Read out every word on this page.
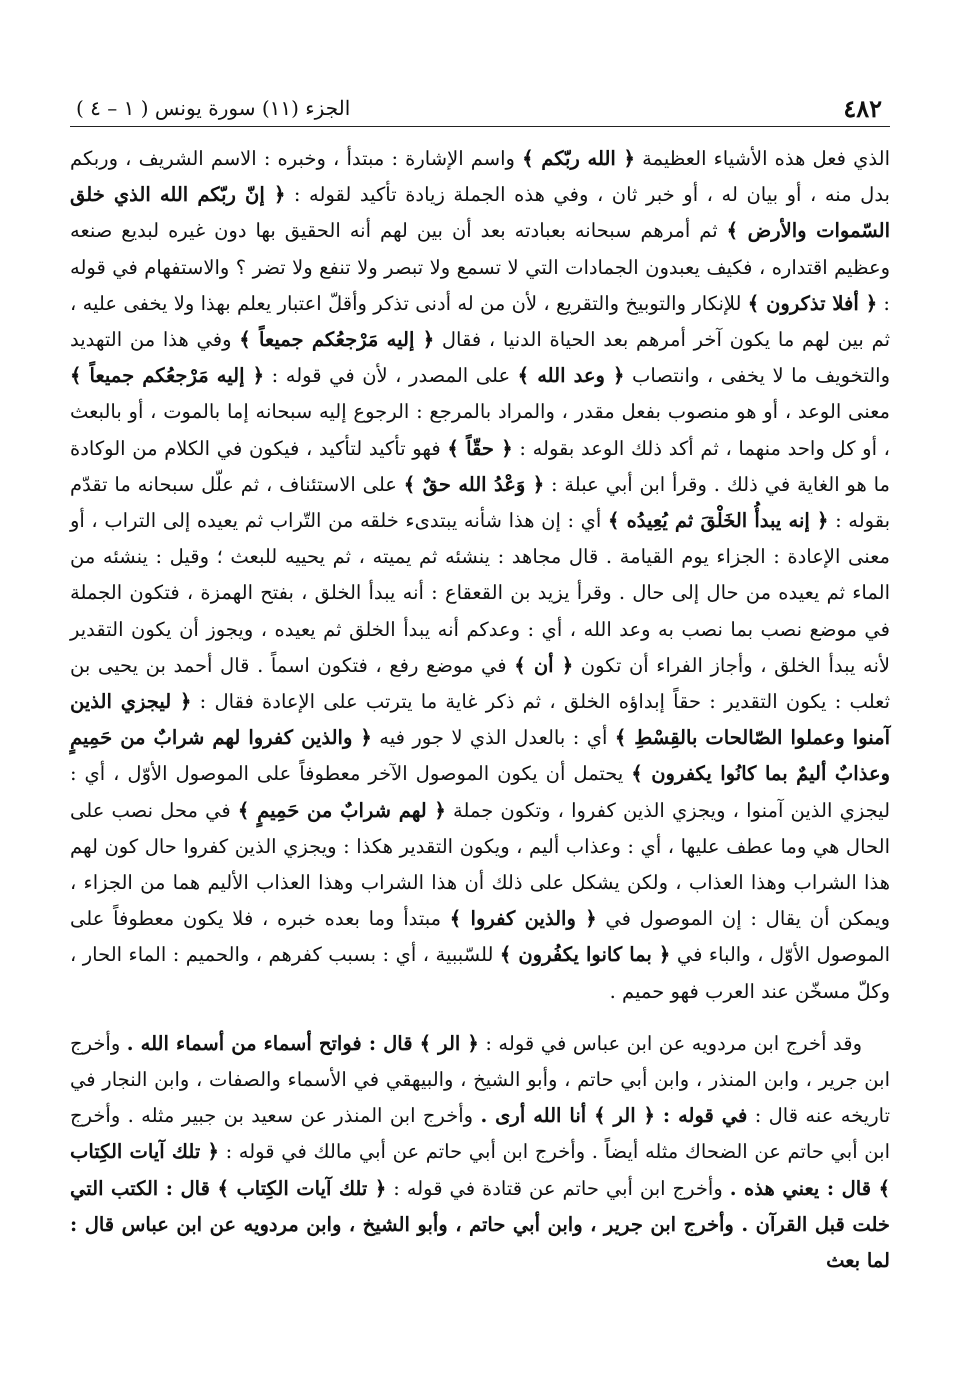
٤٨٢
الجزء (١١) سورة يونس ( ١ – ٤ )

الذي فعل هذه الأشياء العظيمة ﴿ الله ربّكم ﴾ واسم الإشارة : مبتدأ ، وخبره : الاسم الشريف ، وربكم بدل منه ، أو بيان له ، أو خبر ثان ، وفي هذه الجملة زيادة تأكيد لقوله : ﴿ إنّ ربّكم الله الذي خلق السّموات والأرض ﴾ ثم أمرهم سبحانه بعبادته بعد أن بين لهم أنه الحقيق بها دون غيره لبديع صنعه وعظيم اقتداره ، فكيف يعبدون الجمادات التي لا تسمع ولا تبصر ولا تنفع ولا تضر ؟ والاستفهام في قوله : ﴿ أفلا تذكرون ﴾ للإنكار والتوبيخ والتقريع ، لأن من له أدنى تذكر وأقلّ اعتبار يعلم بهذا ولا يخفى عليه ، ثم بين لهم ما يكون آخر أمرهم بعد الحياة الدنيا ، فقال ﴿ إليه مَرْجعُكم جميعاً ﴾ وفي هذا من التهديد والتخويف ما لا يخفى ، وانتصاب ﴿ وعد الله ﴾ على المصدر ، لأن في قوله : ﴿ إليه مَرْجعُكم جميعاً ﴾ معنى الوعد ، أو هو منصوب بفعل مقدر ، والمراد بالمرجع : الرجوع إليه سبحانه إما بالموت ، أو بالبعث ، أو كل واحد منهما ، ثم أكد ذلك الوعد بقوله : ﴿ حقّاً ﴾ فهو تأكيد لتأكيد ، فيكون في الكلام من الوكادة ما هو الغاية في ذلك . وقرأ ابن أبي عبلة : ﴿ وَعْدُ الله حقٌ ﴾ على الاستئناف ، ثم علّل سبحانه ما تقدّم بقوله : ﴿ إنه يبدأُ الخَلْقَ ثم يُعِيدُه ﴾ أي : إن هذا شأنه يبتدىء خلقه من التّراب ثم يعيده إلى التراب ، أو معنى الإعادة : الجزاء يوم القيامة . قال مجاهد : ينشئه ثم يميته ، ثم يحييه للبعث ؛ وقيل : ينشئه من الماء ثم يعيده من حال إلى حال . وقرأ يزيد بن القعقاع : أنه يبدأ الخلق ، بفتح الهمزة ، فتكون الجملة في موضع نصب بما نصب به وعد الله ، أي : وعدكم أنه يبدأ الخلق ثم يعيده ، ويجوز أن يكون التقدير لأنه يبدأ الخلق ، وأجاز الفراء أن تكون ﴿ أن ﴾ في موضع رفع ، فتكون اسماً . قال أحمد بن يحيى بن ثعلب : يكون التقدير : حقاً إبداؤه الخلق ، ثم ذكر غاية ما يترتب على الإعادة فقال : ﴿ ليجزي الذين آمنوا وعملوا الصّالحات بالقِسْطِ ﴾ أي : بالعدل الذي لا جور فيه ﴿ والذين كفروا لهم شرابٌ من حَمِيمٍ وعذابٌ أليمٌ بما كانُوا يكفرون ﴾ يحتمل أن يكون الموصول الآخر معطوفاً على الموصول الأوّل ، أي : ليجزي الذين آمنوا ، ويجزي الذين كفروا ، وتكون جملة ﴿ لهم شرابٌ من حَمِيمٍ ﴾ في محل نصب على الحال هي وما عطف عليها ، أي : وعذاب أليم ، ويكون التقدير هكذا : ويجزي الذين كفروا حال كون لهم هذا الشراب وهذا العذاب ، ولكن يشكل على ذلك أن هذا الشراب وهذا العذاب الأليم هما من الجزاء ، ويمكن أن يقال : إن الموصول في ﴿ والذين كفروا ﴾ مبتدأ وما بعده خبره ، فلا يكون معطوفاً على الموصول الأوّل ، والباء في ﴿ بما كانوا يكفُرون ﴾ للسّببية ، أي : بسبب كفرهم ، والحميم : الماء الحار ، وكلّ مسخّن عند العرب فهو حميم .

وقد أخرج ابن مردويه عن ابن عباس في قوله : ﴿ الر ﴾ قال : فواتح أسماء من أسماء الله . وأخرج ابن جرير ، وابن المنذر ، وابن أبي حاتم ، وأبو الشيخ ، والبيهقي في الأسماء والصفات ، وابن النجار في تاريخه عنه قال : في قوله : ﴿ الر ﴾ أنا الله أرى . وأخرج ابن المنذر عن سعيد بن جبير مثله . وأخرج ابن أبي حاتم عن الضحاك مثله أيضاً . وأخرج ابن أبي حاتم عن أبي مالك في قوله : ﴿ تلك آيات الكِتاب ﴾ قال : يعني هذه . وأخرج ابن أبي حاتم عن قتادة في قوله : ﴿ تلك آيات الكِتاب ﴾ قال : الكتب التي خلت قبل القرآن . وأخرج ابن جرير ، وابن أبي حاتم ، وأبو الشيخ ، وابن مردويه عن ابن عباس قال : لما بعث
